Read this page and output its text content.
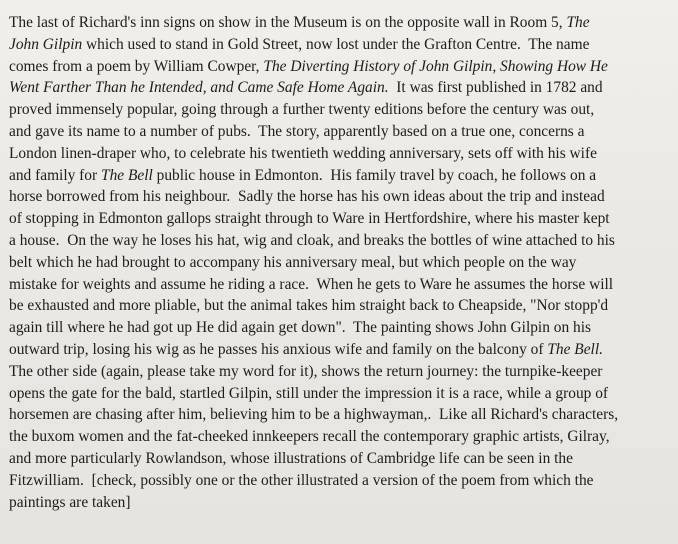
The last of Richard's inn signs on show in the Museum is on the opposite wall in Room 5, The
John Gilpin which used to stand in Gold Street, now lost under the Grafton Centre.  The name
comes from a poem by William Cowper, The Diverting History of John Gilpin, Showing How He
Went Farther Than he Intended, and Came Safe Home Again.  It was first published in 1782 and
proved immensely popular, going through a further twenty editions before the century was out,
and gave its name to a number of pubs.  The story, apparently based on a true one, concerns a
London linen-draper who, to celebrate his twentieth wedding anniversary, sets off with his wife
and family for The Bell public house in Edmonton.  His family travel by coach, he follows on a
horse borrowed from his neighbour.  Sadly the horse has his own ideas about the trip and instead
of stopping in Edmonton gallops straight through to Ware in Hertfordshire, where his master kept
a house.  On the way he loses his hat, wig and cloak, and breaks the bottles of wine attached to his
belt which he had brought to accompany his anniversary meal, but which people on the way
mistake for weights and assume he riding a race.  When he gets to Ware he assumes the horse will
be exhausted and more pliable, but the animal takes him straight back to Cheapside, "Nor stopp'd
again till where he had got up He did again get down".  The painting shows John Gilpin on his
outward trip, losing his wig as he passes his anxious wife and family on the balcony of The Bell.
The other side (again, please take my word for it), shows the return journey: the turnpike-keeper
opens the gate for the bald, startled Gilpin, still under the impression it is a race, while a group of
horsemen are chasing after him, believing him to be a highwayman,.  Like all Richard's characters,
the buxom women and the fat-cheeked innkeepers recall the contemporary graphic artists, Gilray,
and more particularly Rowlandson, whose illustrations of Cambridge life can be seen in the
Fitzwilliam.  [check, possibly one or the other illustrated a version of the poem from which the
paintings are taken]
